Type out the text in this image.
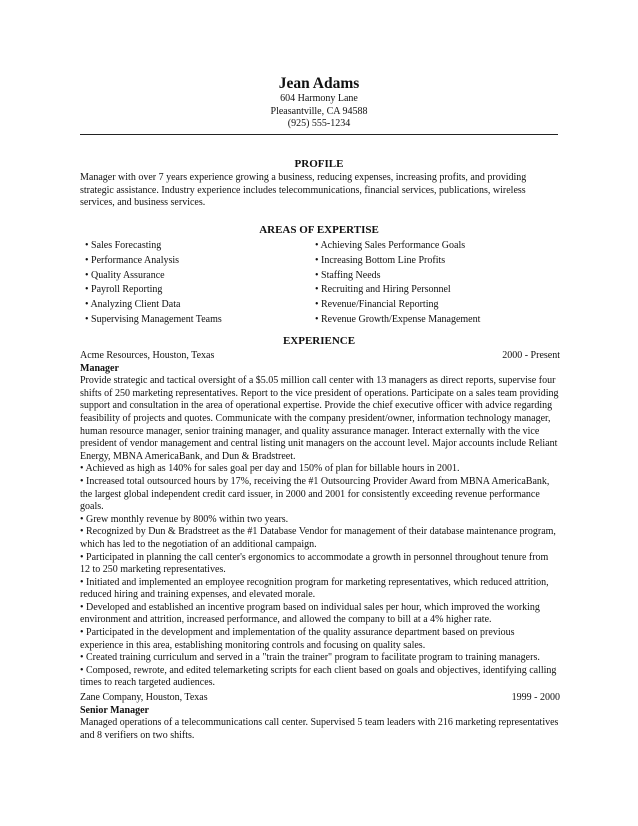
Jean Adams
604 Harmony Lane
Pleasantville, CA 94588
(925) 555-1234
PROFILE
Manager with over 7 years experience growing a business, reducing expenses, increasing profits, and providing strategic assistance. Industry experience includes telecommunications, financial services, publications, wireless services, and business services.
AREAS OF EXPERTISE
• Sales Forecasting
• Performance Analysis
• Quality Assurance
• Payroll Reporting
• Analyzing Client Data
• Supervising Management Teams
• Achieving Sales Performance Goals
• Increasing Bottom Line Profits
• Staffing Needs
• Recruiting and Hiring Personnel
• Revenue/Financial Reporting
• Revenue Growth/Expense Management
EXPERIENCE
Acme Resources, Houston, Texas	2000 - Present
Manager

Provide strategic and tactical oversight of a $5.05 million call center with 13 managers as direct reports, supervise four shifts of 250 marketing representatives. Report to the vice president of operations. Participate on a sales team providing support and consultation in the area of operational expertise. Provide the chief executive officer with advice regarding feasibility of projects and quotes. Communicate with the company president/owner, information technology manager, human resource manager, senior training manager, and quality assurance manager. Interact externally with the vice president of vendor management and central listing unit managers on the account level. Major accounts include Reliant Energy, MBNA AmericaBank, and Dun & Bradstreet.

• Achieved as high as 140% for sales goal per day and 150% of plan for billable hours in 2001.
• Increased total outsourced hours by 17%, receiving the #1 Outsourcing Provider Award from MBNA AmericaBank, the largest global independent credit card issuer, in 2000 and 2001 for consistently exceeding revenue performance goals.
• Grew monthly revenue by 800% within two years.
• Recognized by Dun & Bradstreet as the #1 Database Vendor for management of their database maintenance program, which has led to the negotiation of an additional campaign.
• Participated in planning the call center's ergonomics to accommodate a growth in personnel throughout tenure from 12 to 250 marketing representatives.
• Initiated and implemented an employee recognition program for marketing representatives, which reduced attrition, reduced hiring and training expenses, and elevated morale.
• Developed and established an incentive program based on individual sales per hour, which improved the working environment and attrition, increased performance, and allowed the company to bill at a 4% higher rate.
• Participated in the development and implementation of the quality assurance department based on previous experience in this area, establishing monitoring controls and focusing on quality sales.
• Created training curriculum and served in a "train the trainer" program to facilitate program to training managers.
• Composed, rewrote, and edited telemarketing scripts for each client based on goals and objectives, identifying calling times to reach targeted audiences.
Zane Company, Houston, Texas	1999 - 2000
Senior Manager

Managed operations of a telecommunications call center. Supervised 5 team leaders with 216 marketing representatives and 8 verifiers on two shifts.
